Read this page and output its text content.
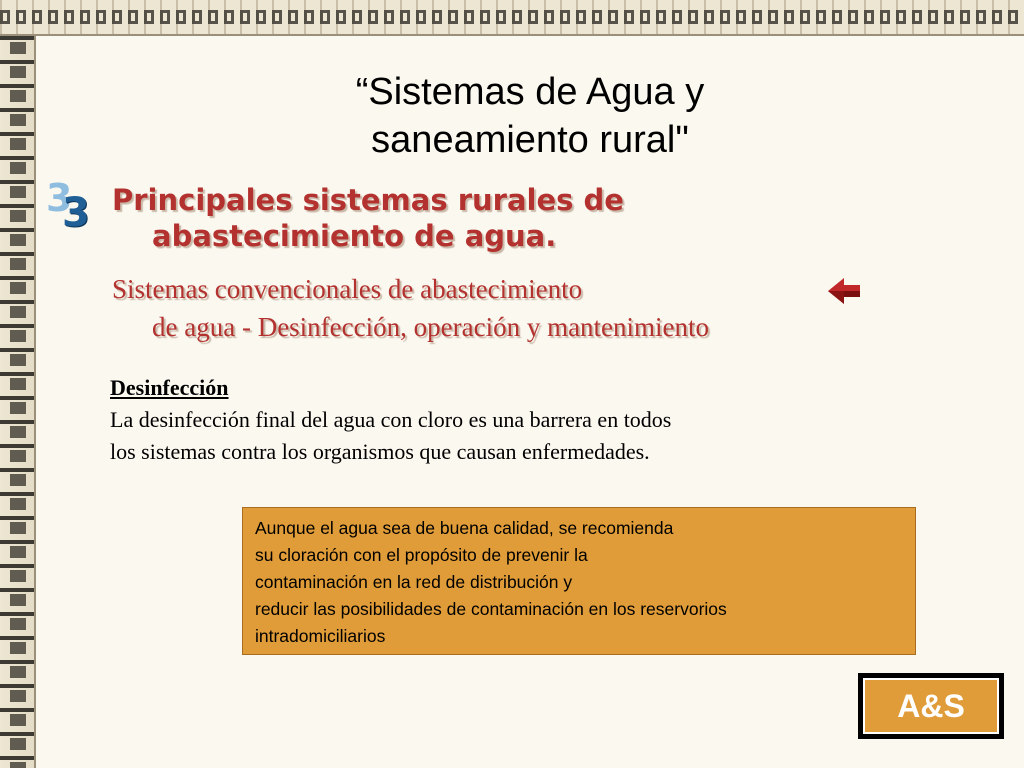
“Sistemas de Agua y
saneamiento rural"
3
3 Principales sistemas rurales de
abastecimiento de agua.
Sistemas convencionales de abastecimiento
de agua - Desinfección, operación y mantenimiento
Desinfección
La desinfección final del agua con cloro es una barrera en todos
los sistemas contra los organismos que causan enfermedades.
Aunque el agua sea de buena calidad, se recomienda
su cloración con el propósito de prevenir la
contaminación en la red de distribución y
reducir las posibilidades de contaminación en los reservorios
intradomiciliarios
A&S
